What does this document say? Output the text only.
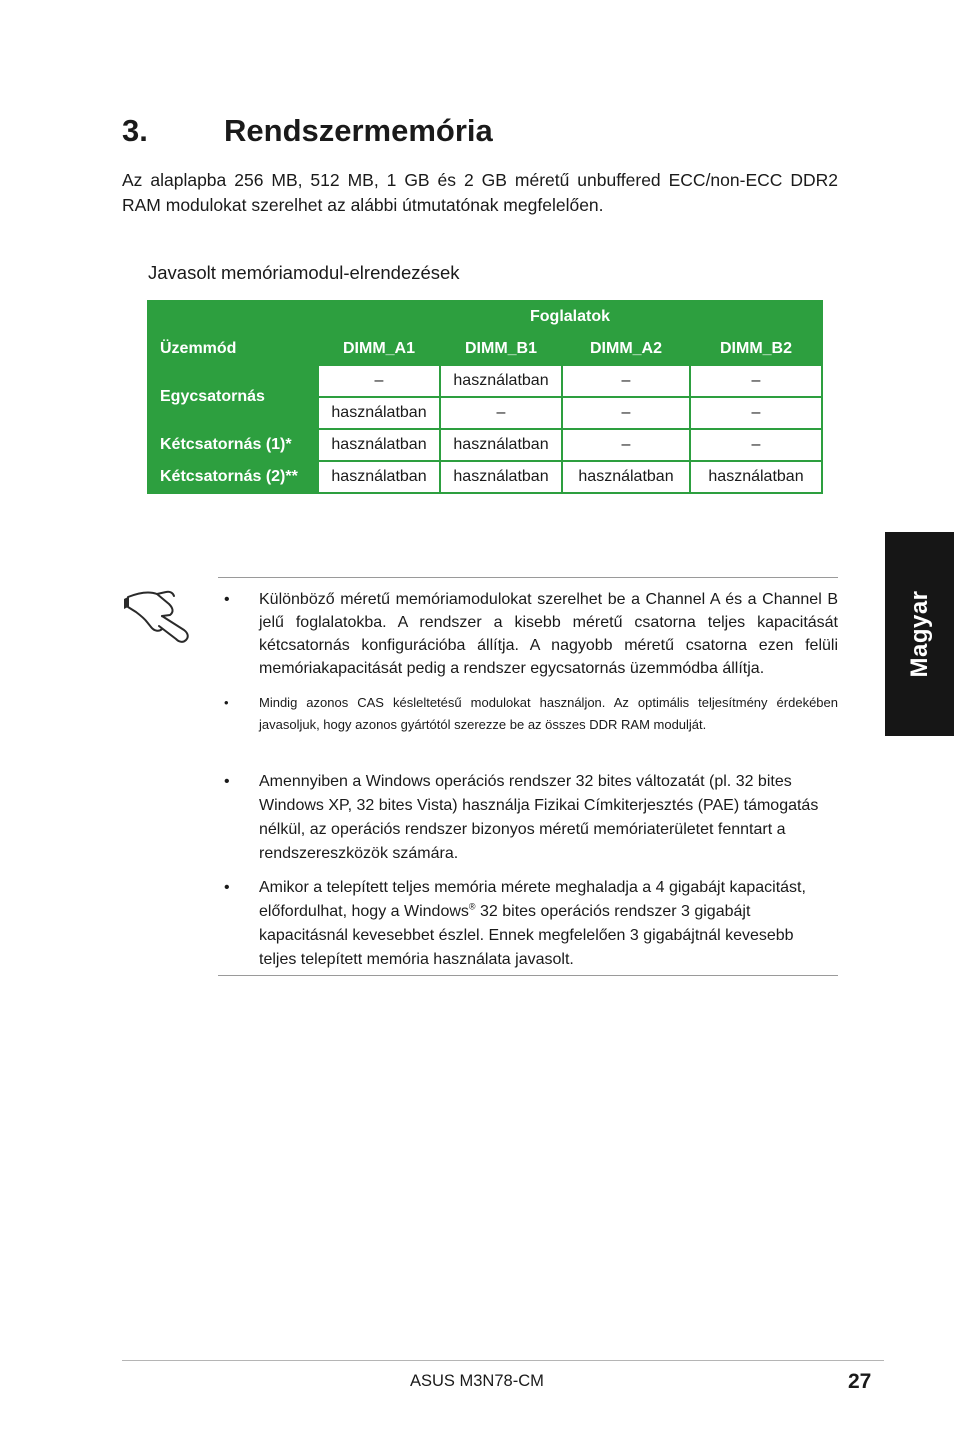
3. Rendszermemória

Az alaplapba 256 MB, 512 MB, 1 GB és 2 GB méretű unbuffered ECC/non-ECC DDR2 RAM modulokat szerelhet az alábbi útmutatónak megfelelően.

Javasolt memóriamodul-elrendezések
	Foglalatok			
Üzemmód	DIMM_A1	DIMM_B1	DIMM_A2	DIMM_B2
Egycsatornás	–	használatban	–	–
	használatban	–	–	–
Kétcsatornás (1)*	használatban	használatban	–	–
Kétcsatornás (2)**	használatban	használatban	használatban	használatban
Magyar
• Különböző méretű memóriamodulokat szerelhet be a Channel A és a Channel B jelű foglalatokba. A rendszer a kisebb méretű csatorna teljes kapacitását kétcsatornás konfigurációba állítja. A nagyobb méretű csatorna ezen felüli memóriakapacitását pedig a rendszer egycsatornás üzemmódba állítja.

• Mindig azonos CAS késleltetésű modulokat használjon. Az optimális teljesítmény érdekében javasoljuk, hogy azonos gyártótól szerezze be az összes DDR RAM modulját.

• Amennyiben a Windows operációs rendszer 32 bites változatát (pl. 32 bites Windows XP, 32 bites Vista) használja Fizikai Címkiterjesztés (PAE) támogatás nélkül, az operációs rendszer bizonyos méretű memóriaterületet fenntart a rendszereszközök számára.

• Amikor a telepített teljes memória mérete meghaladja a 4 gigabájt kapacitást, előfordulhat, hogy a Windows® 32 bites operációs rendszer 3 gigabájt kapacitásnál kevesebbet észlel. Ennek megfelelően 3 gigabájtnál kevesebb teljes telepített memória használata javasolt.

ASUS M3N78-CM	27
